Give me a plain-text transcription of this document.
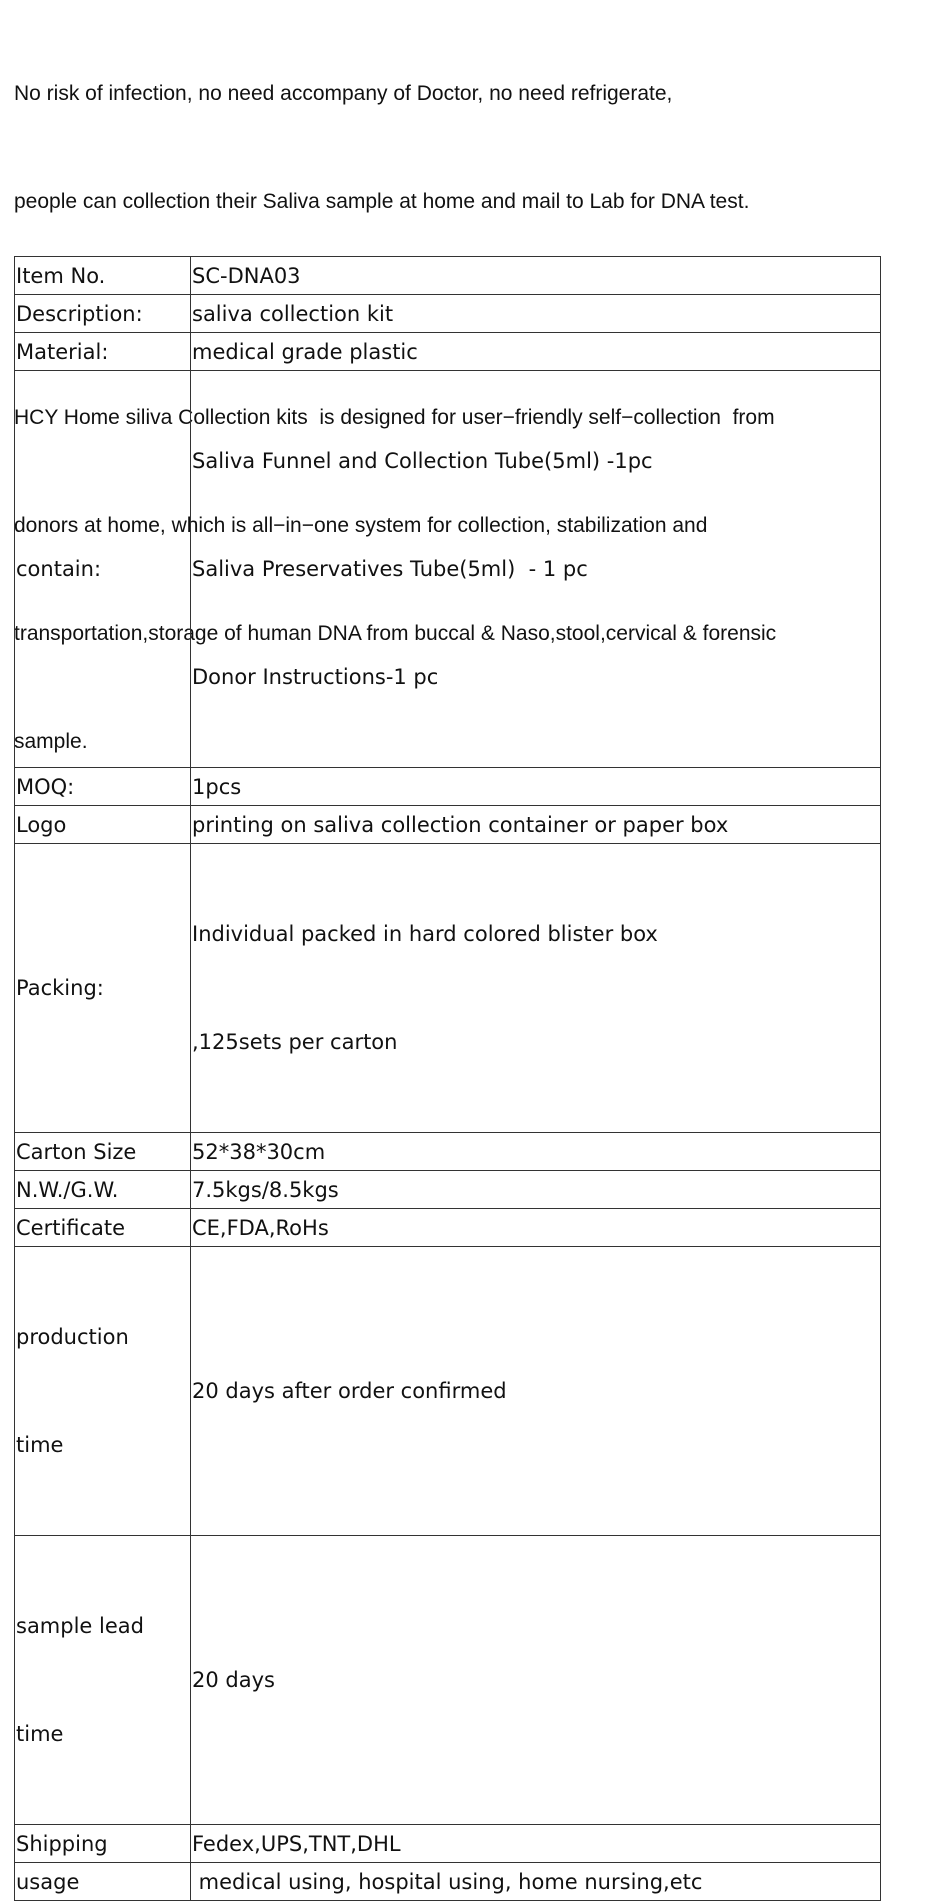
No risk of infection, no need accompany of Doctor, no need refrigerate,

people can collection their Saliva sample at home and mail to Lab for DNA test.

HCY Home siliva Collection kits  is designed for user−friendly self−collection  from

donors at home, which is all−in−one system for collection, stabilization and

transportation,storage of human DNA from buccal & Naso,stool,cervical & forensic

sample.

Item No.	SC-DNA03
Description:	saliva collection kit
Material:	medical grade plastic
contain:	Saliva Funnel and Collection Tube(5ml) -1pc

Saliva Preservatives Tube(5ml)  - 1 pc

Donor Instructions-1 pc

MOQ:	1pcs
Logo	printing on saliva collection container or paper box
Packing:	Individual packed in hard colored blister box

,125sets per carton

Carton Size	52*38*30cm
N.W./G.W.	7.5kgs/8.5kgs
Certificate	CE,FDA,RoHs

production

time	20 days after order confirmed

sample lead

time	20 days
Shipping	Fedex,UPS,TNT,DHL
usage	medical using, hospital using, home nursing,etc
